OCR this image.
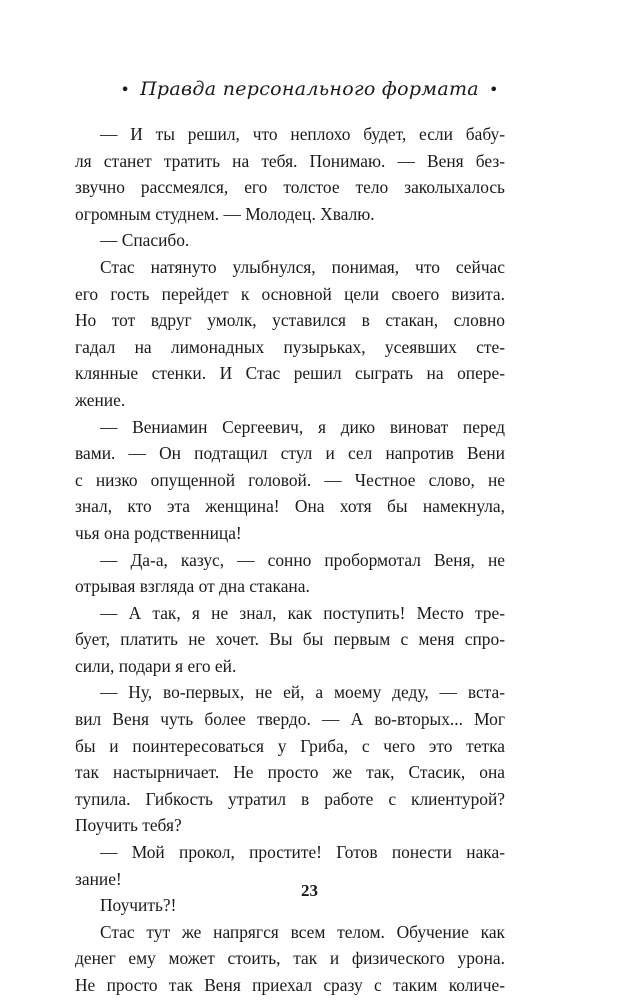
• Правда персонального формата •
— И ты решил, что неплохо будет, если бабу-
ля станет тратить на тебя. Понимаю. — Веня без-
звучно рассмеялся, его толстое тело заколыхалось
огромным студнем. — Молодец. Хвалю.
— Спасибо.
Стас натянуто улыбнулся, понимая, что сейчас
его гость перейдет к основной цели своего визита.
Но тот вдруг умолк, уставился в стакан, словно
гадал на лимонадных пузырьках, усеявших сте-
клянные стенки. И Стас решил сыграть на опере-
жение.
— Вениамин Сергеевич, я дико виноват перед
вами. — Он подтащил стул и сел напротив Вени
с низко опущенной головой. — Честное слово, не
знал, кто эта женщина! Она хотя бы намекнула,
чья она родственница!
— Да-а, казус, — сонно пробормотал Веня, не
отрывая взгляда от дна стакана.
— А так, я не знал, как поступить! Место тре-
бует, платить не хочет. Вы бы первым с меня спро-
сили, подари я его ей.
— Ну, во-первых, не ей, а моему деду, — вста-
вил Веня чуть более твердо. — А во-вторых... Мог
бы и поинтересоваться у Гриба, с чего это тетка
так настырничает. Не просто же так, Стасик, она
тупила. Гибкость утратил в работе с клиентурой?
Поучить тебя?
— Мой прокол, простите! Готов понести нака-
зание!
Поучить?!
Стас тут же напрягся всем телом. Обучение как
денег ему может стоить, так и физического урона.
Не просто так Веня приехал сразу с таким количе-
23
